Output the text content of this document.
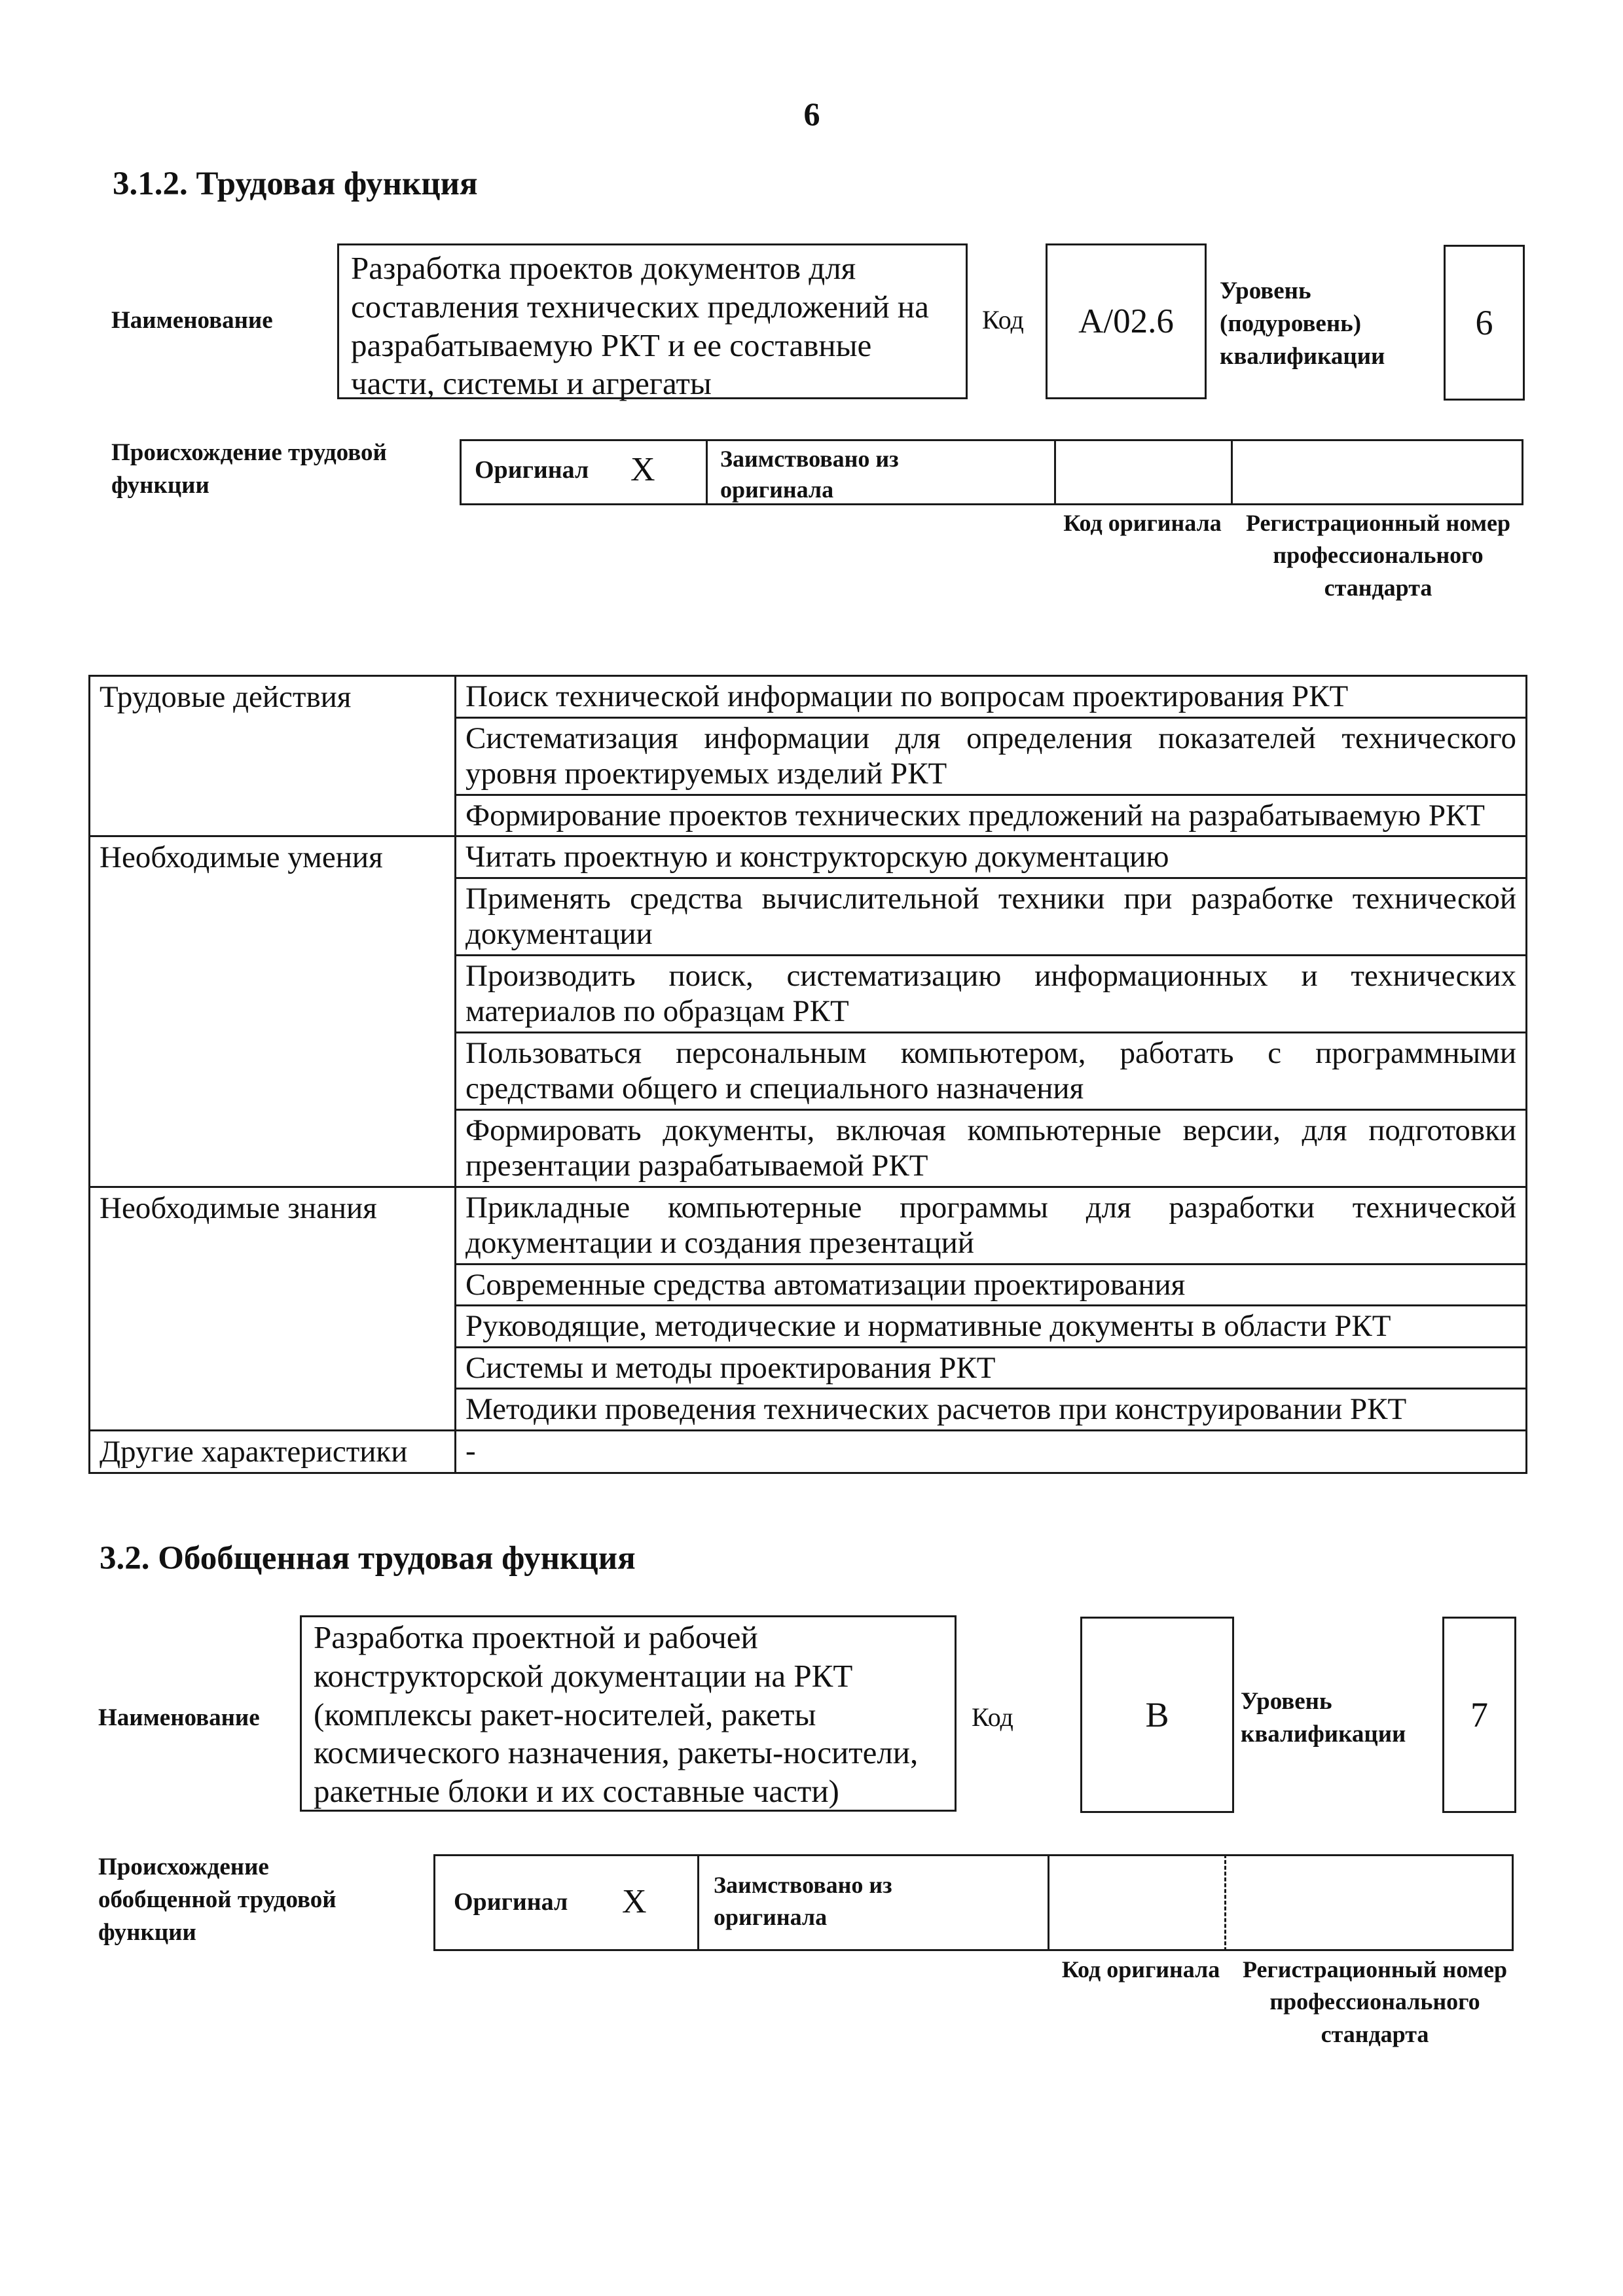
6
3.1.2. Трудовая функция
Наименование
Разработка проектов документов для составления технических предложений на разрабатываемую РКТ и ее составные части, системы и агрегаты
Код	A/02.6
Уровень (подуровень) квалификации
6
Происхождение трудовой функции
Оригинал X	Заимствовано из оригинала
Код оригинала	Регистрационный номер профессионального стандарта
Трудовые действия	Поиск технической информации по вопросам проектирования РКТ
	Систематизация информации для определения показателей технического уровня проектируемых изделий РКТ
	Формирование проектов технических предложений на разрабатываемую РКТ
Необходимые умения	Читать проектную и конструкторскую документацию
	Применять средства вычислительной техники при разработке технической документации
	Производить поиск, систематизацию информационных и технических материалов по образцам РКТ
	Пользоваться персональным компьютером, работать с программными средствами общего и специального назначения
	Формировать документы, включая компьютерные версии, для подготовки презентации разрабатываемой РКТ
Необходимые знания	Прикладные компьютерные программы для разработки технической документации и создания презентаций
	Современные средства автоматизации проектирования
	Руководящие, методические и нормативные документы в области РКТ
	Системы и методы проектирования РКТ
	Методики проведения технических расчетов при конструировании РКТ
Другие характеристики	-
3.2. Обобщенная трудовая функция
Наименование
Разработка проектной и рабочей конструкторской документации на РКТ (комплексы ракет-носителей, ракеты космического назначения, ракеты-носители, ракетные блоки и их составные части)
Код	B	Уровень квалификации	7
Происхождение обобщенной трудовой функции
Оригинал X	Заимствовано из оригинала
Код оригинала Регистрационный номер профессионального стандарта
